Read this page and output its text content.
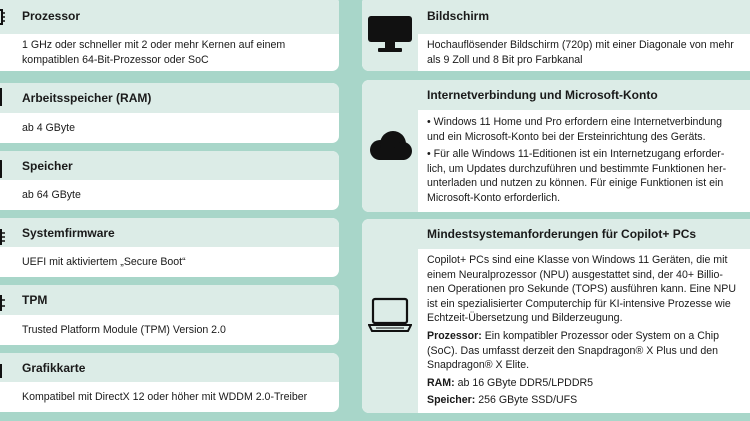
Prozessor
1 GHz oder schneller mit 2 oder mehr Kernen auf einem kompatiblen 64-Bit-Prozessor oder SoC
Arbeitsspeicher (RAM)
ab 4 GByte
Speicher
ab 64 GByte
Systemfirmware
UEFI mit aktiviertem „Secure Boot“
TPM
Trusted Platform Module (TPM) Version 2.0
Grafikkarte
Kompatibel mit DirectX 12 oder höher mit WDDM 2.0-Treiber
Bildschirm
Hochauflösender Bildschirm (720p) mit einer Diagonale von mehr als 9 Zoll und 8 Bit pro Farbkanal
Internetverbindung und Microsoft-Konto

• Windows 11 Home und Pro erfordern eine Internetverbindung und ein Microsoft-Konto bei der Ersteinrichtung des Geräts.

• Für alle Windows 11-Editionen ist ein Internetzugang erforder-lich, um Updates durchzuführen und bestimmte Funktionen her-unterladen und nutzen zu können. Für einige Funktionen ist ein Microsoft-Konto erforderlich.

Mindestsystemanforderungen für Copilot+ PCs

Copilot+ PCs sind eine Klasse von Windows 11 Geräten, die mit einem Neuralprozessor (NPU) ausgestattet sind, der 40+ Billio-nen Operationen pro Sekunde (TOPS) ausführen kann. Eine NPU ist ein spezialisierter Computerchip für KI-intensive Prozesse wie Echtzeit-Übersetzung und Bilderzeugung.

Prozessor: Ein kompatibler Prozessor oder System on a Chip (SoC). Das umfasst derzeit den Snapdragon® X Plus und den Snapdragon® X Elite.

RAM: ab 16 GByte DDR5/LPDDR5

Speicher: 256 GByte SSD/UFS
